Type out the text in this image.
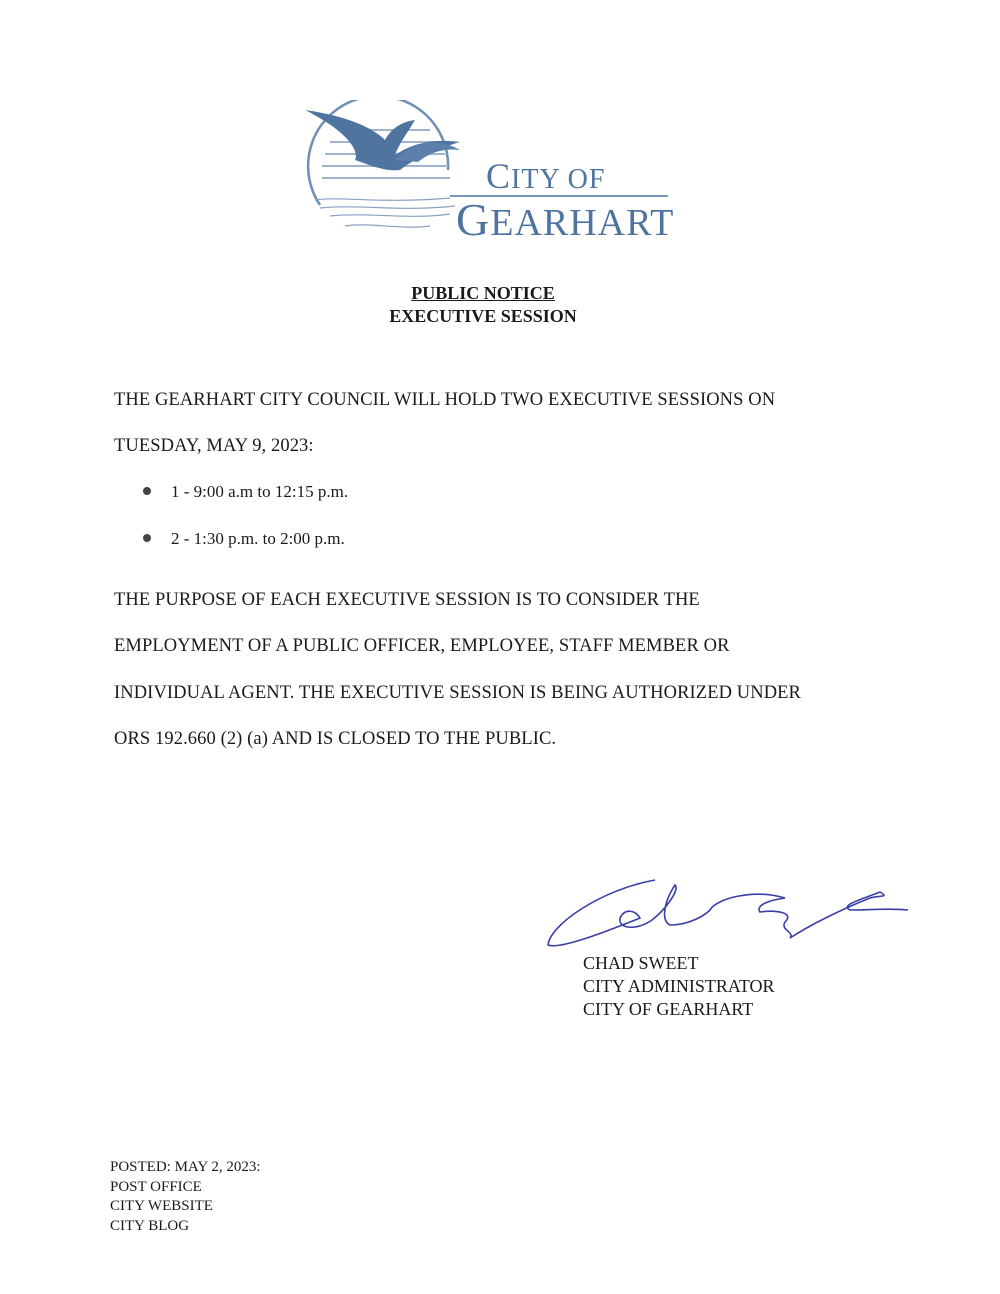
CITY OF
GEARHART
PUBLIC NOTICE
EXECUTIVE SESSION
THE GEARHART CITY COUNCIL WILL HOLD TWO EXECUTIVE SESSIONS ON
TUESDAY, MAY 9, 2023:
1 - 9:00 a.m to 12:15 p.m.
2 - 1:30 p.m. to 2:00 p.m.
THE PURPOSE OF EACH EXECUTIVE SESSION IS TO CONSIDER THE
EMPLOYMENT OF A PUBLIC OFFICER, EMPLOYEE, STAFF MEMBER OR
INDIVIDUAL AGENT. THE EXECUTIVE SESSION IS BEING AUTHORIZED UNDER
ORS 192.660 (2) (a) AND IS CLOSED TO THE PUBLIC.
CHAD SWEET
CITY ADMINISTRATOR
CITY OF GEARHART
POSTED: MAY 2, 2023:
POST OFFICE
CITY WEBSITE
CITY BLOG
